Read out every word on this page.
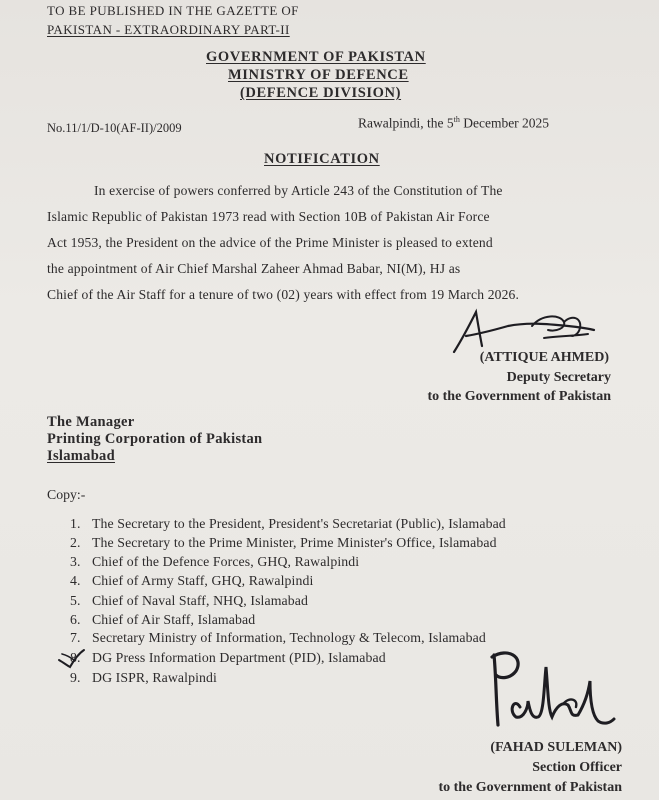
TO BE PUBLISHED IN THE GAZETTE OF
PAKISTAN - EXTRAORDINARY PART-II
GOVERNMENT OF PAKISTAN
MINISTRY OF DEFENCE
(DEFENCE DIVISION)
No.11/1/D-10(AF-II)/2009	Rawalpindi, the 5th December 2025
NOTIFICATION
In exercise of powers conferred by Article 243 of the Constitution of The
Islamic Republic of Pakistan 1973 read with Section 10B of Pakistan Air Force
Act 1953, the President on the advice of the Prime Minister is pleased to extend
the appointment of Air Chief Marshal Zaheer Ahmad Babar, NI(M), HJ as
Chief of the Air Staff for a tenure of two (02) years with effect from 19 March 2026.
(ATTIQUE AHMED)
Deputy Secretary
to the Government of Pakistan
The Manager
Printing Corporation of Pakistan
Islamabad
Copy:-
1. The Secretary to the President, President's Secretariat (Public), Islamabad
2. The Secretary to the Prime Minister, Prime Minister's Office, Islamabad
3. Chief of the Defence Forces, GHQ, Rawalpindi
4. Chief of Army Staff, GHQ, Rawalpindi
5. Chief of Naval Staff, NHQ, Islamabad
6. Chief of Air Staff, Islamabad
7. Secretary Ministry of Information, Technology & Telecom, Islamabad
8. DG Press Information Department (PID), Islamabad
9. DG ISPR, Rawalpindi
(FAHAD SULEMAN)
Section Officer
to the Government of Pakistan
